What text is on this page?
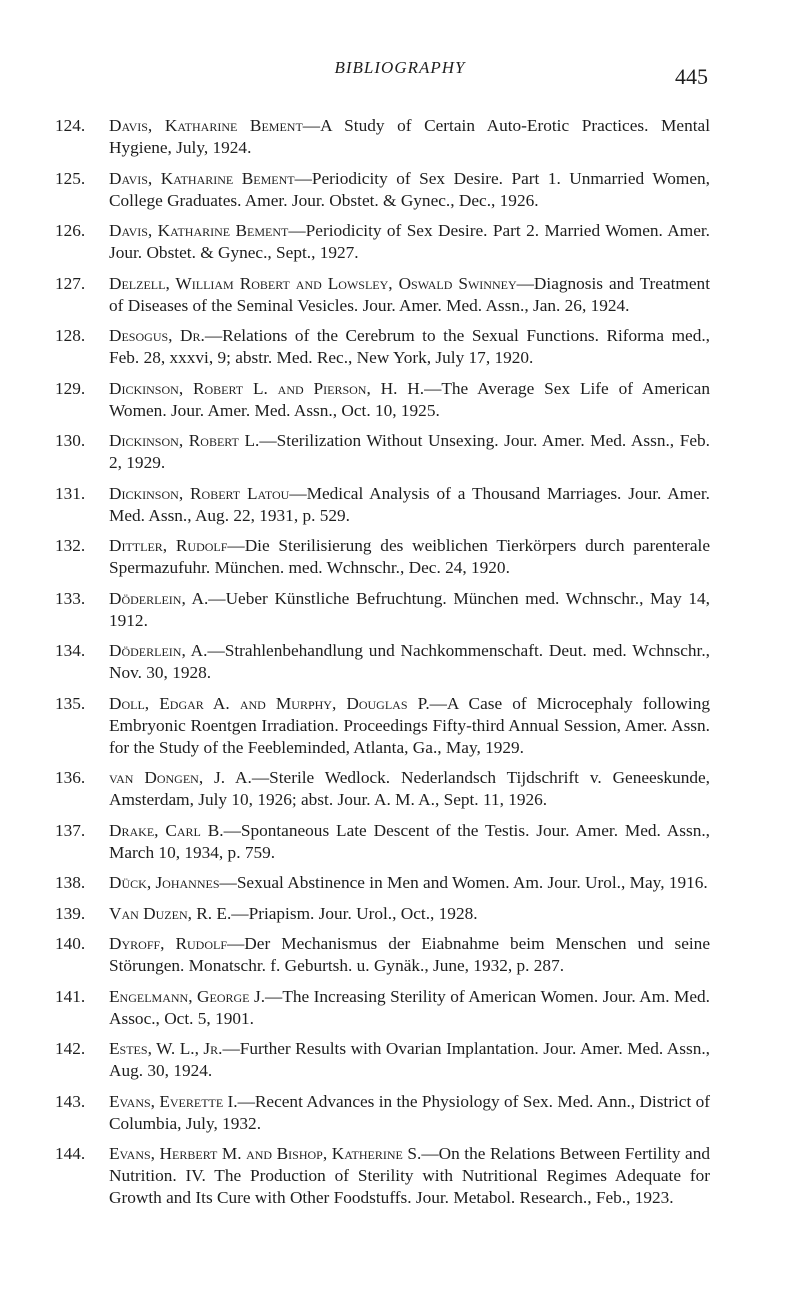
BIBLIOGRAPHY	445
124. Davis, Katharine Bement—A Study of Certain Auto-Erotic Practices. Mental Hygiene, July, 1924.
125. Davis, Katharine Bement—Periodicity of Sex Desire. Part 1. Unmarried Women, College Graduates. Amer. Jour. Obstet. & Gynec., Dec., 1926.
126. Davis, Katharine Bement—Periodicity of Sex Desire. Part 2. Married Women. Amer. Jour. Obstet. & Gynec., Sept., 1927.
127. Delzell, William Robert and Lowsley, Oswald Swinney—Diagnosis and Treatment of Diseases of the Seminal Vesicles. Jour. Amer. Med. Assn., Jan. 26, 1924.
128. Desogus, Dr.—Relations of the Cerebrum to the Sexual Functions. Riforma med., Feb. 28, xxxvi, 9; abstr. Med. Rec., New York, July 17, 1920.
129. Dickinson, Robert L. and Pierson, H. H.—The Average Sex Life of American Women. Jour. Amer. Med. Assn., Oct. 10, 1925.
130. Dickinson, Robert L.—Sterilization Without Unsexing. Jour. Amer. Med. Assn., Feb. 2, 1929.
131. Dickinson, Robert Latou—Medical Analysis of a Thousand Marriages. Jour. Amer. Med. Assn., Aug. 22, 1931, p. 529.
132. Dittler, Rudolf—Die Sterilisierung des weiblichen Tierkörpers durch parenterale Spermazufuhr. München. med. Wchnschr., Dec. 24, 1920.
133. Döderlein, A.—Ueber Künstliche Befruchtung. München med. Wchnschr., May 14, 1912.
134. Döderlein, A.—Strahlenbehandlung und Nachkommenschaft. Deut. med. Wchnschr., Nov. 30, 1928.
135. Doll, Edgar A. and Murphy, Douglas P.—A Case of Microcephaly following Embryonic Roentgen Irradiation. Proceedings Fifty-third Annual Session, Amer. Assn. for the Study of the Feebleminded, Atlanta, Ga., May, 1929.
136. van Dongen, J. A.—Sterile Wedlock. Nederlandsch Tijdschrift v. Geneeskunde, Amsterdam, July 10, 1926; abst. Jour. A. M. A., Sept. 11, 1926.
137. Drake, Carl B.—Spontaneous Late Descent of the Testis. Jour. Amer. Med. Assn., March 10, 1934, p. 759.
138. Dück, Johannes—Sexual Abstinence in Men and Women. Am. Jour. Urol., May, 1916.
139. Van Duzen, R. E.—Priapism. Jour. Urol., Oct., 1928.
140. Dyroff, Rudolf—Der Mechanismus der Eiabnahme beim Menschen und seine Störungen. Monatschr. f. Geburtsh. u. Gynäk., June, 1932, p. 287.
141. Engelmann, George J.—The Increasing Sterility of American Women. Jour. Am. Med. Assoc., Oct. 5, 1901.
142. Estes, W. L., Jr.—Further Results with Ovarian Implantation. Jour. Amer. Med. Assn., Aug. 30, 1924.
143. Evans, Everette I.—Recent Advances in the Physiology of Sex. Med. Ann., District of Columbia, July, 1932.
144. Evans, Herbert M. and Bishop, Katherine S.—On the Relations Between Fertility and Nutrition. IV. The Production of Sterility with Nutritional Regimes Adequate for Growth and Its Cure with Other Foodstuffs. Jour. Metabol. Research., Feb., 1923.
